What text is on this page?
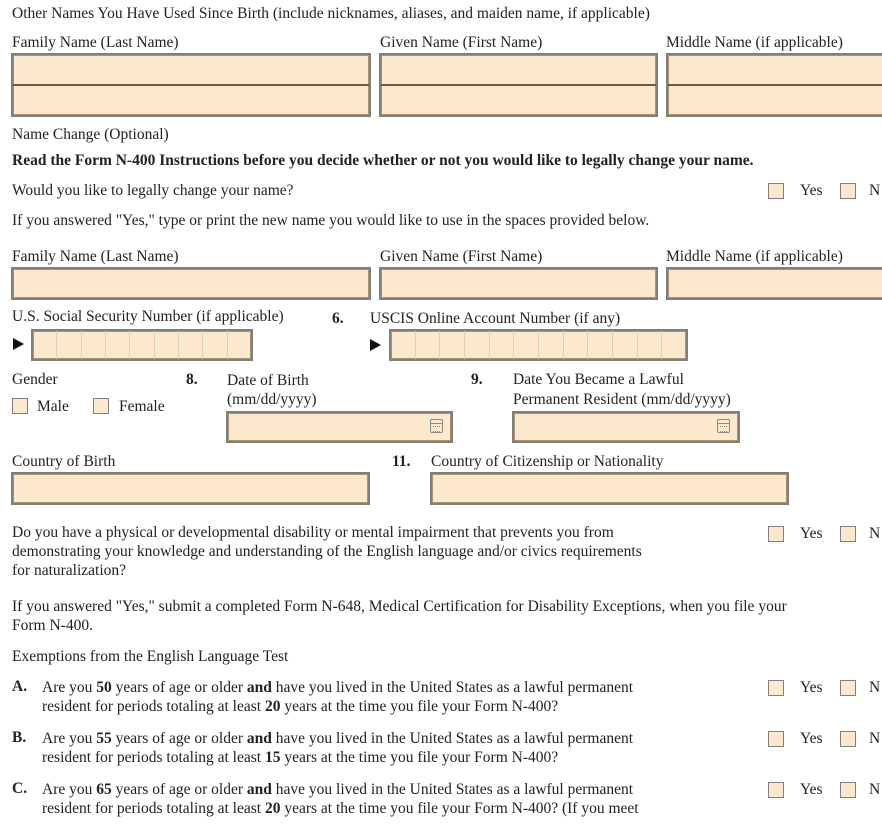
Other Names You Have Used Since Birth (include nicknames, aliases, and maiden name, if applicable)
Family Name (Last Name)	Given Name (First Name)	Middle Name (if applicable)
Name Change (Optional)
Read the Form N-400 Instructions before you decide whether or not you would like to legally change your name.
Would you like to legally change your name?	Yes	N
If you answered "Yes," type or print the new name you would like to use in the spaces provided below.
Family Name (Last Name)	Given Name (First Name)	Middle Name (if applicable)
U.S. Social Security Number (if applicable)	6. USCIS Online Account Number (if any)
Gender
Male	Female
8. Date of Birth
(mm/dd/yyyy)
9. Date You Became a Lawful
Permanent Resident (mm/dd/yyyy)
Country of Birth	11. Country of Citizenship or Nationality
Do you have a physical or developmental disability or mental impairment that prevents you from
demonstrating your knowledge and understanding of the English language and/or civics requirements
for naturalization?
Yes	N
If you answered "Yes," submit a completed Form N-648, Medical Certification for Disability Exceptions, when you file your
Form N-400.
Exemptions from the English Language Test
A. Are you 50 years of age or older and have you lived in the United States as a lawful permanent
resident for periods totaling at least 20 years at the time you file your Form N-400?
Yes	N
B. Are you 55 years of age or older and have you lived in the United States as a lawful permanent
resident for periods totaling at least 15 years at the time you file your Form N-400?
Yes	N
C. Are you 65 years of age or older and have you lived in the United States as a lawful permanent
resident for periods totaling at least 20 years at the time you file your Form N-400? (If you meet
Yes	N
